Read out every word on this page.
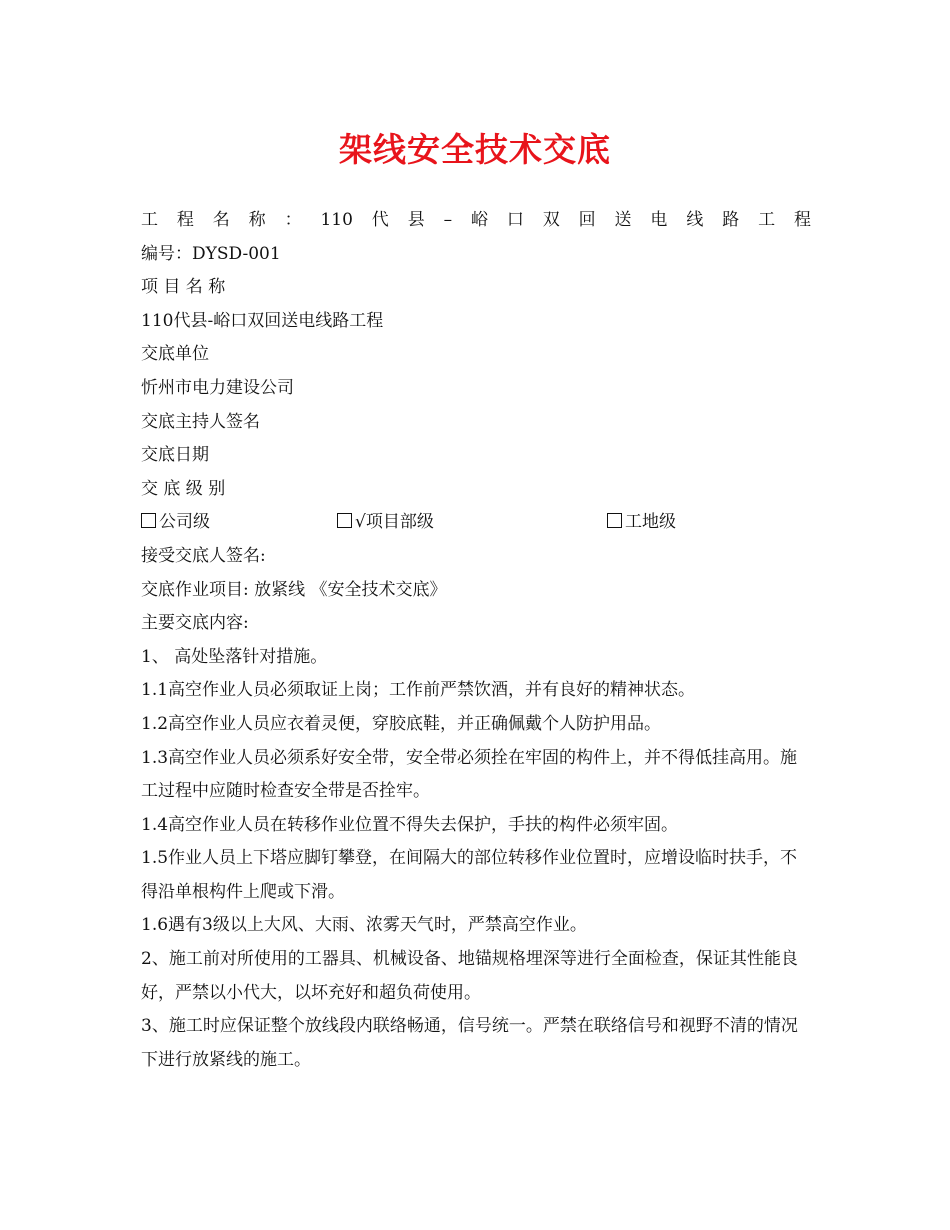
架线安全技术交底
工 程 名 称 ： 110 代 县 – 峪 口 双 回 送 电 线 路 工 程
编号：DYSD-001
项 目 名 称
110代县-峪口双回送电线路工程
交底单位
忻州市电力建设公司
交底主持人签名
交底日期
交 底 级 别
公司级	√项目部级	工地级
接受交底人签名:
交底作业项目: 放紧线 《安全技术交底》
主要交底内容:
1、 高处坠落针对措施。
1.1高空作业人员必须取证上岗；工作前严禁饮酒，并有良好的精神状态。
1.2高空作业人员应衣着灵便，穿胶底鞋，并正确佩戴个人防护用品。
1.3高空作业人员必须系好安全带，安全带必须拴在牢固的构件上，并不得低挂高用。施工过程中应随时检查安全带是否拴牢。
1.4高空作业人员在转移作业位置不得失去保护，手扶的构件必须牢固。
1.5作业人员上下塔应脚钉攀登，在间隔大的部位转移作业位置时，应增设临时扶手，不得沿单根构件上爬或下滑。
1.6遇有3级以上大风、大雨、浓雾天气时，严禁高空作业。
2、施工前对所使用的工器具、机械设备、地锚规格埋深等进行全面检查，保证其性能良好，严禁以小代大，以坏充好和超负荷使用。
3、施工时应保证整个放线段内联络畅通，信号统一。严禁在联络信号和视野不清的情况下进行放紧线的施工。
